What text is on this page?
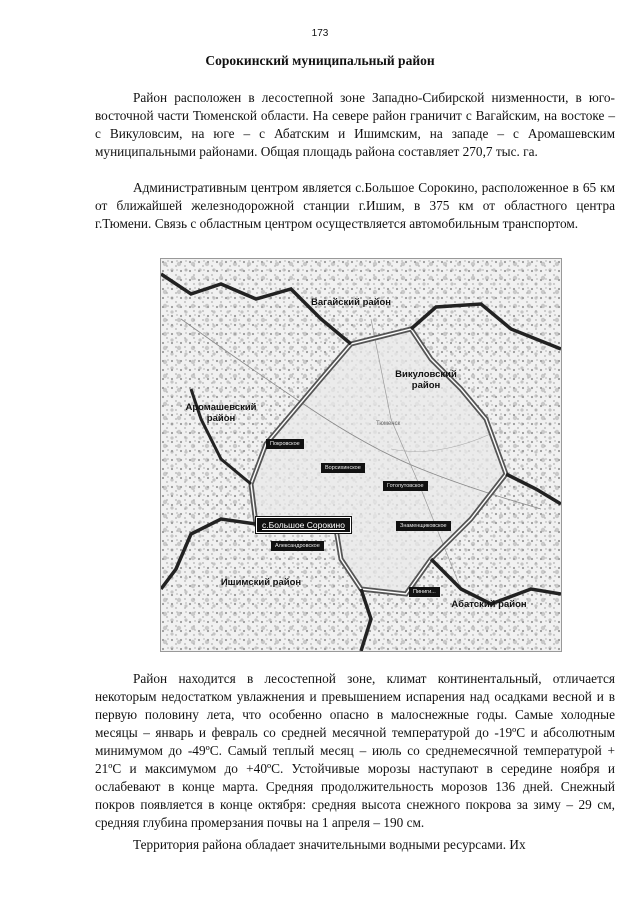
173
Сорокинский муниципальный район

Район расположен в лесостепной зоне Западно-Сибирской низменности, в юго-восточной части Тюменской области. На севере район граничит с Вагайским, на востоке – с Викуловсим, на юге – с Абатским и Ишимским, на западе – с Аромашевским муниципальными районами. Общая площадь района составляет 270,7 тыс. га.

Административным центром является с.Большое Сорокино, расположенное в 65 км от ближайшей железнодорожной станции г.Ишим, в 375 км от областного центра г.Тюмени. Связь с областным центром осуществляется автомобильным транспортом.

Вагайский район
Викуловский район
Аромашевский район
Ишимский район
Абатский район
Тюменск
Покровское
Ворсихинское
Готопутовское
с.Большое Сорокино	Знаменщиковское
Александровское
Пиниги...

Район находится в лесостепной зоне, климат континентальный, отличается некоторым недостатком увлажнения и превышением испарения над осадками весной и в первую половину лета, что особенно опасно в малоснежные годы. Самые холодные месяцы – январь и февраль со средней месячной температурой до -19ºС и абсолютным минимумом до -49ºС. Самый теплый месяц – июль со среднемесячной температурой + 21ºС и максимумом до +40ºС. Устойчивые морозы наступают в середине ноября и ослабевают в конце марта. Средняя продолжительность морозов 136 дней. Снежный покров появляется в конце октября: средняя высота снежного покрова за зиму – 29 см, средняя глубина промерзания почвы на 1 апреля – 190 см.

Территория района обладает значительными водными ресурсами. Их
